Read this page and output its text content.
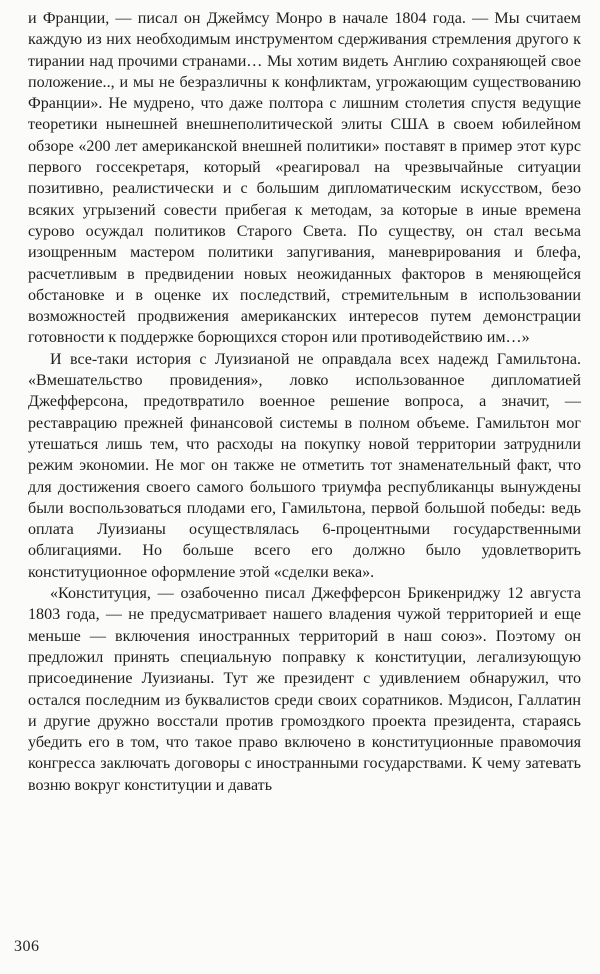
и Франции, — писал он Джеймсу Монро в начале 1804 года. — Мы считаем каждую из них необходимым инструментом сдерживания стремления другого к тирании над прочими странами… Мы хотим видеть Англию сохраняющей свое положение.., и мы не безразличны к конфликтам, угрожающим существованию Франции». Не мудрено, что даже полтора с лишним столетия спустя ведущие теоретики нынешней внешнеполитической элиты США в своем юбилейном обзоре «200 лет американской внешней политики» поставят в пример этот курс первого госсекретаря, который «реагировал на чрезвычайные ситуации позитивно, реалистически и с большим дипломатическим искусством, безо всяких угрызений совести прибегая к методам, за которые в иные времена сурово осуждал политиков Старого Света. По существу, он стал весьма изощренным мастером политики запугивания, маневрирования и блефа, расчетливым в предвидении новых неожиданных факторов в меняющейся обстановке и в оценке их последствий, стремительным в использовании возможностей продвижения американских интересов путем демонстрации готовности к поддержке борющихся сторон или противодействию им…»

И все-таки история с Луизианой не оправдала всех надежд Гамильтона. «Вмешательство провидения», ловко использованное дипломатией Джефферсона, предотвратило военное решение вопроса, а значит, — реставрацию прежней финансовой системы в полном объеме. Гамильтон мог утешаться лишь тем, что расходы на покупку новой территории затруднили режим экономии. Не мог он также не отметить тот знаменательный факт, что для достижения своего самого большого триумфа республиканцы вынуждены были воспользоваться плодами его, Гамильтона, первой большой победы: ведь оплата Луизианы осуществлялась 6-процентными государственными облигациями. Но больше всего его должно было удовлетворить конституционное оформление этой «сделки века».

«Конституция, — озабоченно писал Джефферсон Брикенриджу 12 августа 1803 года, — не предусматривает нашего владения чужой территорией и еще меньше — включения иностранных территорий в наш союз». Поэтому он предложил принять специальную поправку к конституции, легализующую присоединение Луизианы. Тут же президент с удивлением обнаружил, что остался последним из буквалистов среди своих соратников. Мэдисон, Галлатин и другие дружно восстали против громоздкого проекта президента, стараясь убедить его в том, что такое право включено в конституционные правомочия конгресса заключать договоры с иностранными государствами. К чему затевать возню вокруг конституции и давать

306
